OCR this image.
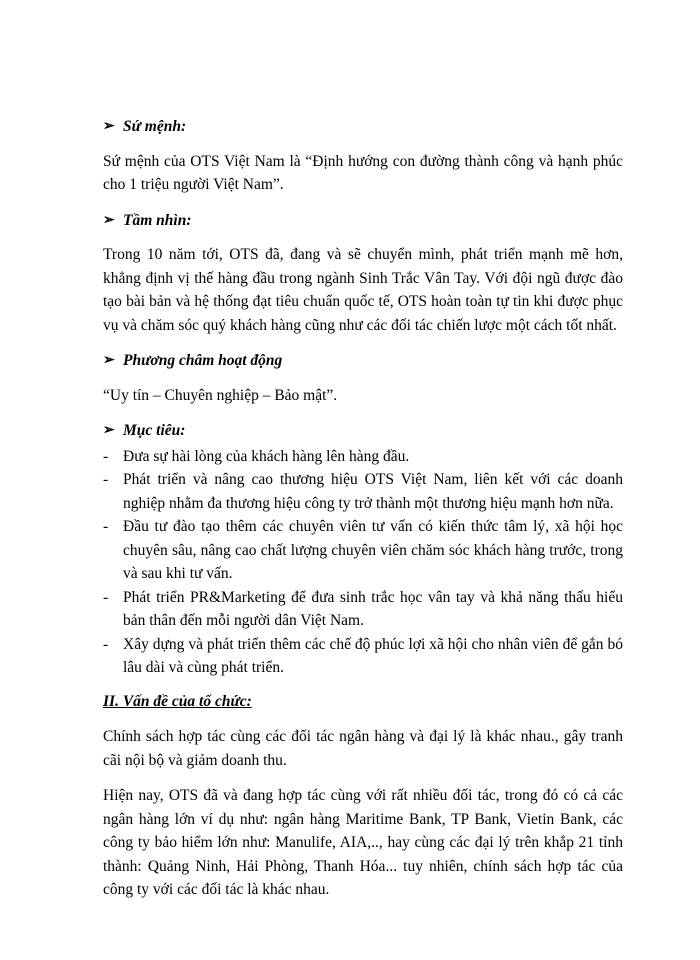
➢ Sứ mệnh:

Sứ mệnh của OTS Việt Nam là “Định hướng con đường thành công và hạnh phúc cho 1 triệu người Việt Nam”.

➢ Tầm nhìn:

Trong 10 năm tới, OTS đã, đang và sẽ chuyển mình, phát triển mạnh mẽ hơn, khẳng định vị thế hàng đầu trong ngành Sinh Trắc Vân Tay. Với đội ngũ được đào tạo bài bản và hệ thống đạt tiêu chuẩn quốc tế, OTS hoàn toàn tự tin khi được phục vụ và chăm sóc quý khách hàng cũng như các đối tác chiến lược một cách tốt nhất.

➢ Phương châm hoạt động

“Uy tín – Chuyên nghiệp – Bảo mật”.

➢ Mục tiêu:
- Đưa sự hài lòng của khách hàng lên hàng đầu.
- Phát triển và nâng cao thương hiệu OTS Việt Nam, liên kết với các doanh nghiệp nhằm đa thương hiệu công ty trở thành một thương hiệu mạnh hơn nữa.
- Đầu tư đào tạo thêm các chuyên viên tư vấn có kiến thức tâm lý, xã hội học chuyên sâu, nâng cao chất lượng chuyên viên chăm sóc khách hàng trước, trong và sau khi tư vấn.
- Phát triển PR&Marketing để đưa sinh trắc học vân tay và khả năng thấu hiểu bản thân đến mỗi người dân Việt Nam.
- Xây dựng và phát triển thêm các chế độ phúc lợi xã hội cho nhân viên để gắn bó lâu dài và cùng phát triển.
II. Vấn đề của tổ chức:

Chính sách hợp tác cùng các đối tác ngân hàng và đại lý là khác nhau., gây tranh cãi nội bộ và giảm doanh thu.

Hiện nay, OTS đã và đang hợp tác cùng với rất nhiều đối tác, trong đó có cả các ngân hàng lớn ví dụ như: ngân hàng Maritime Bank, TP Bank, Vietin Bank, các công ty bảo hiểm lớn như: Manulife, AIA,.., hay cùng các đại lý trên khắp 21 tỉnh thành: Quảng Ninh, Hải Phòng, Thanh Hóa... tuy nhiên, chính sách hợp tác của công ty với các đối tác là khác nhau.
